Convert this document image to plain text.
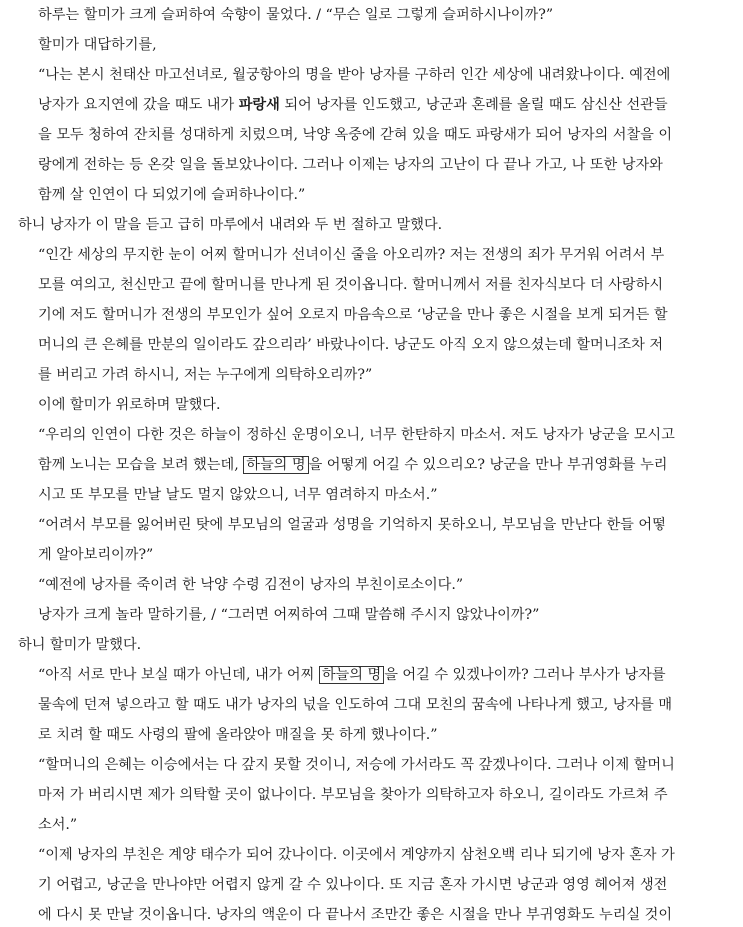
하루는 할미가 크게 슬퍼하여 숙향이 물었다. / “무슨 일로 그렇게 슬퍼하시나이까?”
할미가 대답하기를,
“나는 본시 천태산 마고선녀로, 월궁항아의 명을 받아 낭자를 구하러 인간 세상에 내려왔나이다. 예전에
낭자가 요지연에 갔을 때도 내가 파랑새 되어 낭자를 인도했고, 낭군과 혼례를 올릴 때도 삼신산 선관들
을 모두 청하여 잔치를 성대하게 치렀으며, 낙양 옥중에 갇혀 있을 때도 파랑새가 되어 낭자의 서찰을 이
랑에게 전하는 등 온갖 일을 돌보았나이다. 그러나 이제는 낭자의 고난이 다 끝나 가고, 나 또한 낭자와
함께 살 인연이 다 되었기에 슬퍼하나이다.”
하니 낭자가 이 말을 듣고 급히 마루에서 내려와 두 번 절하고 말했다.
“인간 세상의 무지한 눈이 어찌 할머니가 선녀이신 줄을 아오리까? 저는 전생의 죄가 무거워 어려서 부
모를 여의고, 천신만고 끝에 할머니를 만나게 된 것이옵니다. 할머니께서 저를 친자식보다 더 사랑하시
기에 저도 할머니가 전생의 부모인가 싶어 오로지 마음속으로 ‘낭군을 만나 좋은 시절을 보게 되거든 할
머니의 큰 은혜를 만분의 일이라도 갚으리라’ 바랐나이다. 낭군도 아직 오지 않으셨는데 할머니조차 저
를 버리고 가려 하시니, 저는 누구에게 의탁하오리까?”
이에 할미가 위로하며 말했다.
“우리의 인연이 다한 것은 하늘이 정하신 운명이오니, 너무 한탄하지 마소서. 저도 낭자가 낭군을 모시고
함께 노니는 모습을 보려 했는데, 하늘의 명 을 어떻게 어길 수 있으리오? 낭군을 만나 부귀영화를 누리
시고 또 부모를 만날 날도 멀지 않았으니, 너무 염려하지 마소서.”
“어려서 부모를 잃어버린 탓에 부모님의 얼굴과 성명을 기억하지 못하오니, 부모님을 만난다 한들 어떻
게 알아보리이까?”
“예전에 낭자를 죽이려 한 낙양 수령 김전이 낭자의 부친이로소이다.”
낭자가 크게 놀라 말하기를, / “그러면 어찌하여 그때 말씀해 주시지 않았나이까?”
하니 할미가 말했다.
“아직 서로 만나 보실 때가 아닌데, 내가 어찌 하늘의 명 을 어길 수 있겠나이까? 그러나 부사가 낭자를
물속에 던져 넣으라고 할 때도 내가 낭자의 넋을 인도하여 그대 모친의 꿈속에 나타나게 했고, 낭자를 매
로 치려 할 때도 사령의 팔에 올라앉아 매질을 못 하게 했나이다.”
“할머니의 은혜는 이승에서는 다 갚지 못할 것이니, 저승에 가서라도 꼭 갚겠나이다. 그러나 이제 할머니
마저 가 버리시면 제가 의탁할 곳이 없나이다. 부모님을 찾아가 의탁하고자 하오니, 길이라도 가르쳐 주
소서.”
“이제 낭자의 부친은 계양 태수가 되어 갔나이다. 이곳에서 계양까지 삼천오백 리나 되기에 낭자 혼자 가
기 어렵고, 낭군을 만나야만 어렵지 않게 갈 수 있나이다. 또 지금 혼자 가시면 낭군과 영영 헤어져 생전
에 다시 못 만날 것이옵니다. 낭자의 액운이 다 끝나서 조만간 좋은 시절을 만나 부귀영화도 누리실 것이
